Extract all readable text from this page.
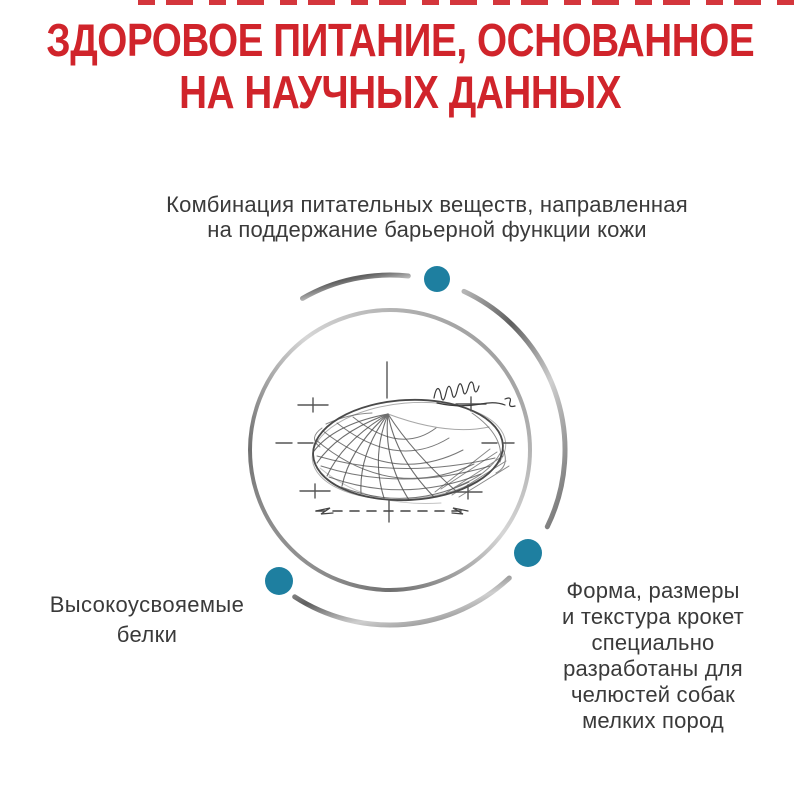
ЗДОРОВОЕ ПИТАНИЕ, ОСНОВАННОЕ
НА НАУЧНЫХ ДАННЫХ
Комбинация питательных веществ, направленная
на поддержание барьерной функции кожи
Высокоусвояемые
белки
Форма, размеры
и текстура крокет
специально
разработаны для
челюстей собак
мелких пород
